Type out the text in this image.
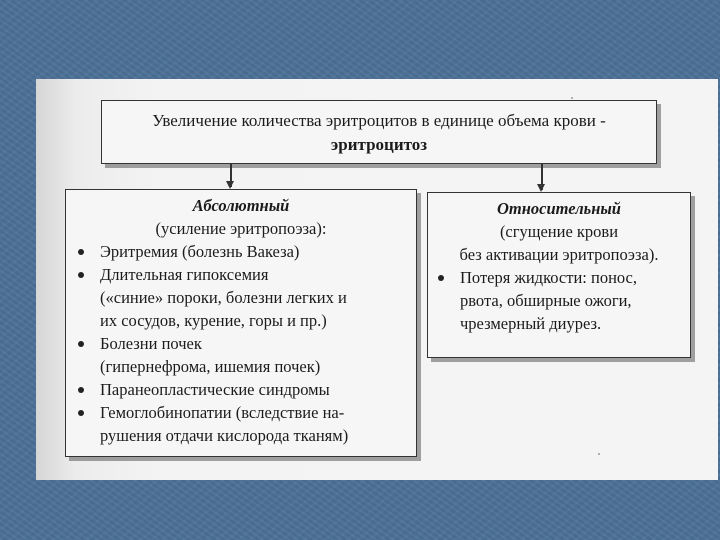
Увеличение количества эритроцитов в единице объема крови -
эритроцитоз
Абсолютный
(усиление эритропоэза):
Эритремия (болезнь Вакеза)
Длительная гипоксемия
(«синие» пороки, болезни легких и
их сосудов, курение, горы и пр.)
Болезни почек
(гипернефрома, ишемия почек)
Паранеопластические синдромы
Гемоглобинопатии (вследствие на-
рушения отдачи кислорода тканям)
Относительный
(сгущение крови
без активации эритропоэза).
Потеря жидкости: понос,
рвота, обширные ожоги,
чрезмерный диурез.
